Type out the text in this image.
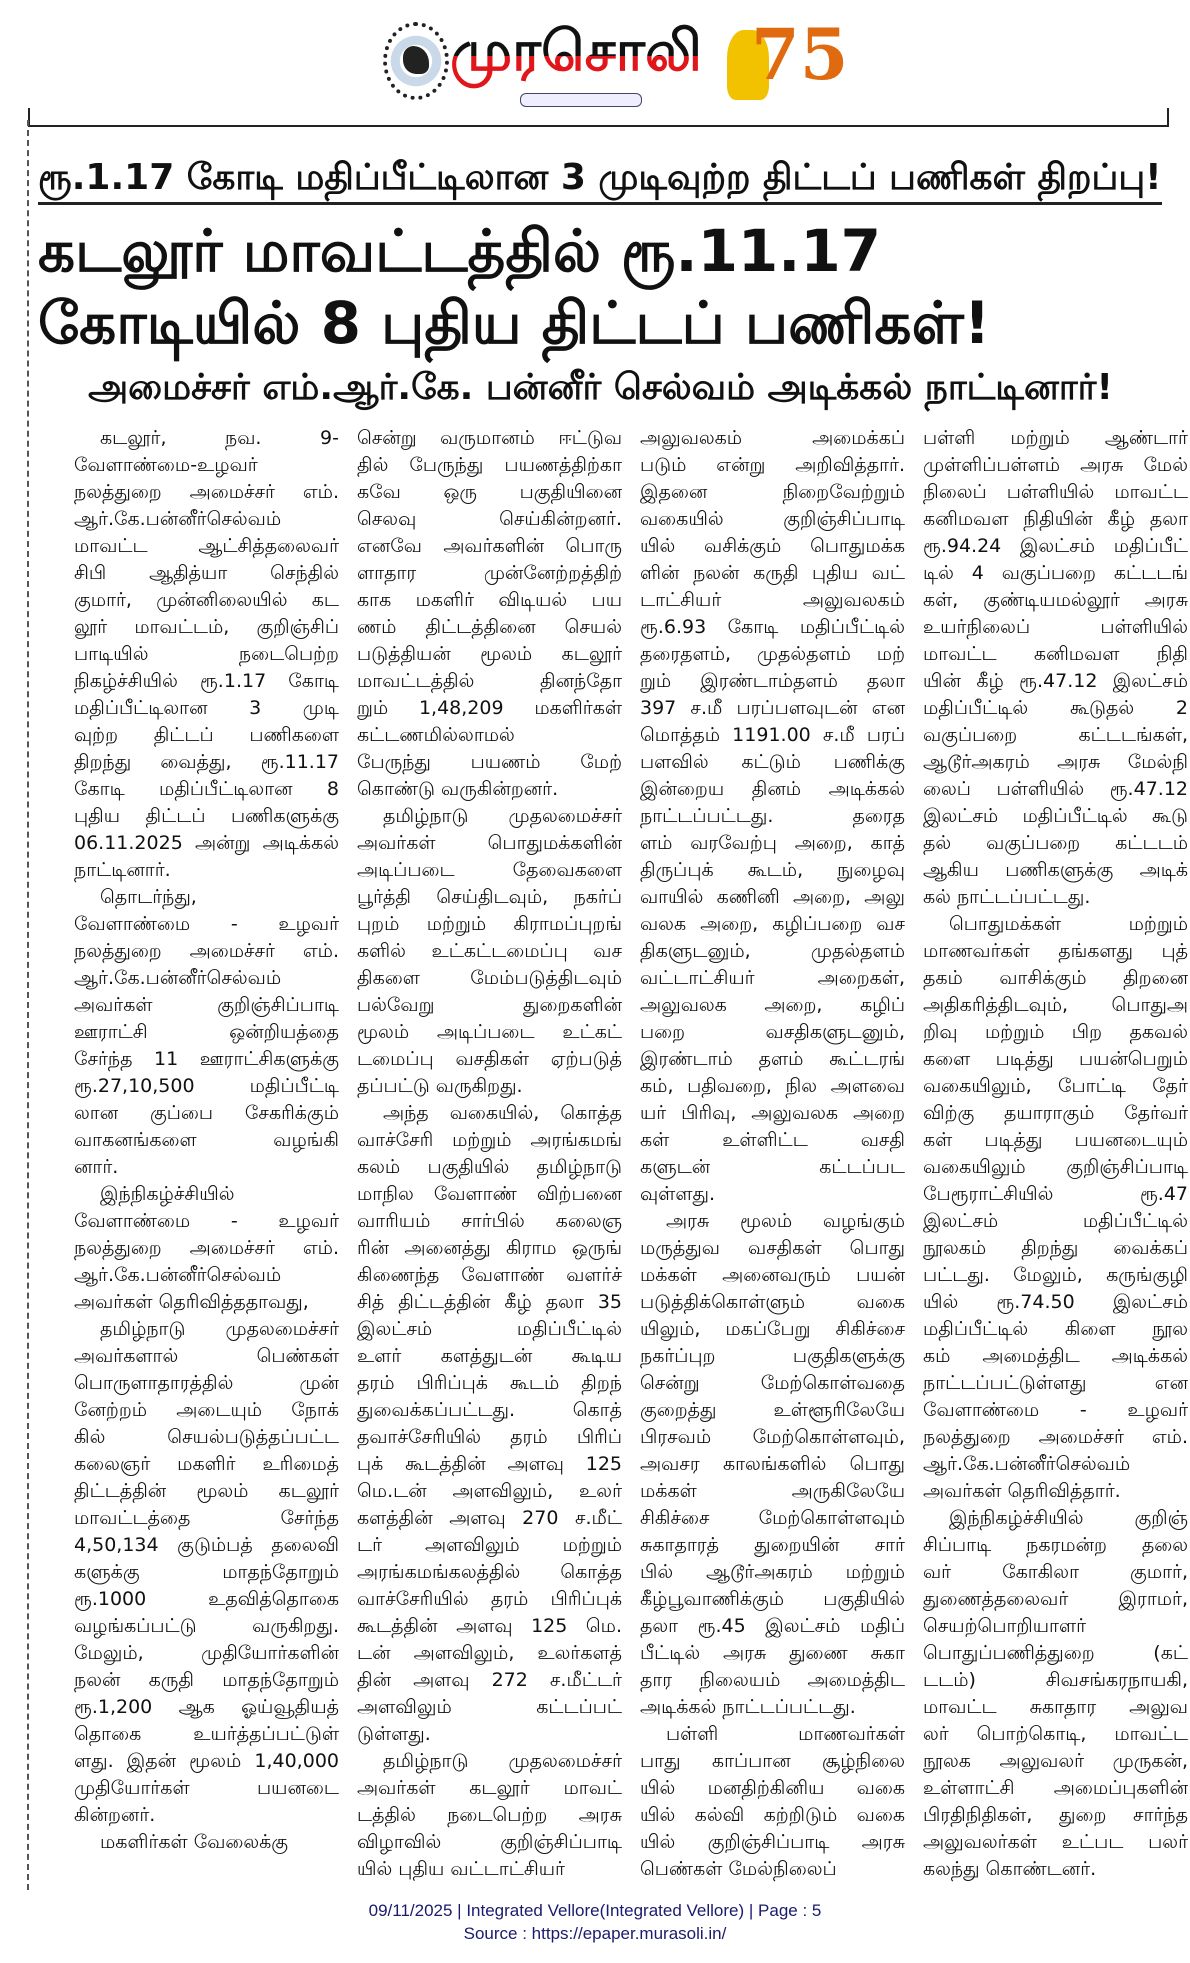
முரசொலி 75
ரூ.1.17 கோடி மதிப்பீட்டிலான 3 முடிவுற்ற திட்டப் பணிகள் திறப்பு!
கடலூர் மாவட்டத்தில் ரூ.11.17 கோடியில் 8 புதிய திட்டப் பணிகள்!
அமைச்சர் எம்.ஆர்.கே. பன்னீர் செல்வம் அடிக்கல் நாட்டினார்!
கடலூர், நவ. 9-
வேளாண்மை-உழவர்
நலத்துறை அமைச்சர் எம்.
ஆர்.கே.பன்னீர்செல்வம்
மாவட்ட ஆட்சித்தலைவர்
சிபி ஆதித்யா செந்தில்
குமார், முன்னிலையில் கட
லூர் மாவட்டம், குறிஞ்சிப்
பாடியில் நடைபெற்ற
நிகழ்ச்சியில் ரூ.1.17 கோடி
மதிப்பீட்டிலான 3 முடி
வுற்ற திட்டப் பணிகளை
திறந்து வைத்து, ரூ.11.17
கோடி மதிப்பீட்டிலான 8
புதிய திட்டப் பணிகளுக்கு
06.11.2025 அன்று அடிக்கல்
நாட்டினார்.
தொடர்ந்து,
வேளாண்மை - உழவர்
நலத்துறை அமைச்சர் எம்.
ஆர்.கே.பன்னீர்செல்வம்
அவர்கள் குறிஞ்சிப்பாடி
ஊராட்சி ஒன்றியத்தை
சேர்ந்த 11 ஊராட்சிகளுக்கு
ரூ.27,10,500 மதிப்பீட்டி
லான குப்பை சேகரிக்கும்
வாகனங்களை வழங்கி
னார்.
இந்நிகழ்ச்சியில்
வேளாண்மை - உழவர்
நலத்துறை அமைச்சர் எம்.
ஆர்.கே.பன்னீர்செல்வம்
அவர்கள் தெரிவித்ததாவது,
தமிழ்நாடு முதலமைச்சர்
அவர்களால் பெண்கள்
பொருளாதாரத்தில் முன்
னேற்றம் அடையும் நோக்
கில் செயல்படுத்தப்பட்ட
கலைஞர் மகளிர் உரிமைத்
திட்டத்தின் மூலம் கடலூர்
மாவட்டத்தை சேர்ந்த
4,50,134 குடும்பத் தலைவி
களுக்கு மாதந்தோறும்
ரூ.1000 உதவித்தொகை
வழங்கப்பட்டு வருகிறது.
மேலும், முதியோர்களின்
நலன் கருதி மாதந்தோறும்
ரூ.1,200 ஆக ஓய்வூதியத்
தொகை உயர்த்தப்பட்டுள்
ளது. இதன் மூலம் 1,40,000
முதியோர்கள் பயனடை
கின்றனர்.
மகளிர்கள் வேலைக்கு
சென்று வருமானம் ஈட்டுவ
தில் பேருந்து பயணத்திற்கா
கவே ஒரு பகுதியினை
செலவு செய்கின்றனர்.
எனவே அவர்களின் பொரு
ளாதார முன்னேற்றத்திற்
காக மகளிர் விடியல் பய
ணம் திட்டத்தினை செயல்
படுத்தியன் மூலம் கடலூர்
மாவட்டத்தில் தினந்தோ
றும் 1,48,209 மகளிர்கள்
கட்டணமில்லாமல்
பேருந்து பயணம் மேற்
கொண்டு வருகின்றனர்.
தமிழ்நாடு முதலமைச்சர்
அவர்கள் பொதுமக்களின்
அடிப்படை தேவைகளை
பூர்த்தி செய்திடவும், நகர்ப்
புறம் மற்றும் கிராமப்புறங்
களில் உட்கட்டமைப்பு வச
திகளை மேம்படுத்திடவும்
பல்வேறு துறைகளின்
மூலம் அடிப்படை உட்கட்
டமைப்பு வசதிகள் ஏற்படுத்
தப்பட்டு வருகிறது.
அந்த வகையில், கொத்த
வாச்சேரி மற்றும் அரங்கமங்
கலம் பகுதியில் தமிழ்நாடு
மாநில வேளாண் விற்பனை
வாரியம் சார்பில் கலைஞ
ரின் அனைத்து கிராம ஒருங்
கிணைந்த வேளாண் வளர்ச்
சித் திட்டத்தின் கீழ் தலா 35
இலட்சம் மதிப்பீட்டில்
உளர் களத்துடன் கூடிய
தரம் பிரிப்புக் கூடம் திறந்
துவைக்கப்பட்டது. கொத்
தவாச்சேரியில் தரம் பிரிப்
புக் கூடத்தின் அளவு 125
மெ.டன் அளவிலும், உலர்
களத்தின் அளவு 270 ச.மீட்
டர் அளவிலும் மற்றும்
அரங்கமங்கலத்தில் கொத்த
வாச்சேரியில் தரம் பிரிப்புக்
கூடத்தின் அளவு 125 மெ.
டன் அளவிலும், உலர்களத்
தின் அளவு 272 ச.மீட்டர்
அளவிலும் கட்டப்பட்
டுள்ளது.
தமிழ்நாடு முதலமைச்சர்
அவர்கள் கடலூர் மாவட்
டத்தில் நடைபெற்ற அரசு
விழாவில் குறிஞ்சிப்பாடி
யில் புதிய வட்டாட்சியர்
அலுவலகம் அமைக்கப்
படும் என்று அறிவித்தார்.
இதனை நிறைவேற்றும்
வகையில் குறிஞ்சிப்பாடி
யில் வசிக்கும் பொதுமக்க
ளின் நலன் கருதி புதிய வட்
டாட்சியர் அலுவலகம்
ரூ.6.93 கோடி மதிப்பீட்டில்
தரைதளம், முதல்தளம் மற்
றும் இரண்டாம்தளம் தலா
397 ச.மீ பரப்பளவுடன் என
மொத்தம் 1191.00 ச.மீ பரப்
பளவில் கட்டும் பணிக்கு
இன்றைய தினம் அடிக்கல்
நாட்டப்பட்டது. தரைத
ளம் வரவேற்பு அறை, காத்
திருப்புக் கூடம், நுழைவு
வாயில் கணினி அறை, அலு
வலக அறை, கழிப்பறை வச
திகளுடனும், முதல்தளம்
வட்டாட்சியர் அறைகள்,
அலுவலக அறை, கழிப்
பறை வசதிகளுடனும்,
இரண்டாம் தளம் கூட்டரங்
கம், பதிவறை, நில அளவை
யர் பிரிவு, அலுவலக அறை
கள் உள்ளிட்ட வசதி
களுடன் கட்டப்பட
வுள்ளது.
அரசு மூலம் வழங்கும்
மருத்துவ வசதிகள் பொது
மக்கள் அனைவரும் பயன்
படுத்திக்கொள்ளும் வகை
யிலும், மகப்பேறு சிகிச்சை
நகர்ப்புற பகுதிகளுக்கு
சென்று மேற்கொள்வதை
குறைத்து உள்ளூரிலேயே
பிரசவம் மேற்கொள்ளவும்,
அவசர காலங்களில் பொது
மக்கள் அருகிலேயே
சிகிச்சை மேற்கொள்ளவும்
சுகாதாரத் துறையின் சார்
பில் ஆடூர்அகரம் மற்றும்
கீழ்பூவாணிக்கும் பகுதியில்
தலா ரூ.45 இலட்சம் மதிப்
பீட்டில் அரசு துணை சுகா
தார நிலையம் அமைத்திட
அடிக்கல் நாட்டப்பட்டது.
பள்ளி மாணவர்கள்
பாது காப்பான சூழ்நிலை
யில் மனதிற்கினிய வகை
யில் கல்வி கற்றிடும் வகை
யில் குறிஞ்சிப்பாடி அரசு
பெண்கள் மேல்நிலைப்
பள்ளி மற்றும் ஆண்டார்
முள்ளிப்பள்ளம் அரசு மேல்
நிலைப் பள்ளியில் மாவட்ட
கனிமவள நிதியின் கீழ் தலா
ரூ.94.24 இலட்சம் மதிப்பீட்
டில் 4 வகுப்பறை கட்டடங்
கள், குண்டியமல்லூர் அரசு
உயர்நிலைப் பள்ளியில்
மாவட்ட கனிமவள நிதி
யின் கீழ் ரூ.47.12 இலட்சம்
மதிப்பீட்டில் கூடுதல் 2
வகுப்பறை கட்டடங்கள்,
ஆடூர்அகரம் அரசு மேல்நி
லைப் பள்ளியில் ரூ.47.12
இலட்சம் மதிப்பீட்டில் கூடு
தல் வகுப்பறை கட்டடம்
ஆகிய பணிகளுக்கு அடிக்
கல் நாட்டப்பட்டது.
பொதுமக்கள் மற்றும்
மாணவர்கள் தங்களது புத்
தகம் வாசிக்கும் திறனை
அதிகரித்திடவும், பொதுஅ
றிவு மற்றும் பிற தகவல்
களை படித்து பயன்பெறும்
வகையிலும், போட்டி தேர்
விற்கு தயாராகும் தேர்வர்
கள் படித்து பயனடையும்
வகையிலும் குறிஞ்சிப்பாடி
பேரூராட்சியில் ரூ.47
இலட்சம் மதிப்பீட்டில்
நூலகம் திறந்து வைக்கப்
பட்டது. மேலும், கருங்குழி
யில் ரூ.74.50 இலட்சம்
மதிப்பீட்டில் கிளை நூல
கம் அமைத்திட அடிக்கல்
நாட்டப்பட்டுள்ளது என
வேளாண்மை - உழவர்
நலத்துறை அமைச்சர் எம்.
ஆர்.கே.பன்னீர்செல்வம்
அவர்கள் தெரிவித்தார்.
இந்நிகழ்ச்சியில் குறிஞ்
சிப்பாடி நகரமன்ற தலை
வர் கோகிலா குமார்,
துணைத்தலைவர் இராமர்,
செயற்பொறியாளர்
பொதுப்பணித்துறை (கட்
டடம்) சிவசங்கரநாயகி,
மாவட்ட சுகாதார அலுவ
லர் பொற்கொடி, மாவட்ட
நூலக அலுவலர் முருகன்,
உள்ளாட்சி அமைப்புகளின்
பிரதிநிதிகள், துறை சார்ந்த
அலுவலர்கள் உட்பட பலர்
கலந்து கொண்டனர்.
09/11/2025 | Integrated Vellore(Integrated Vellore) | Page : 5
Source : https://epaper.murasoli.in/
